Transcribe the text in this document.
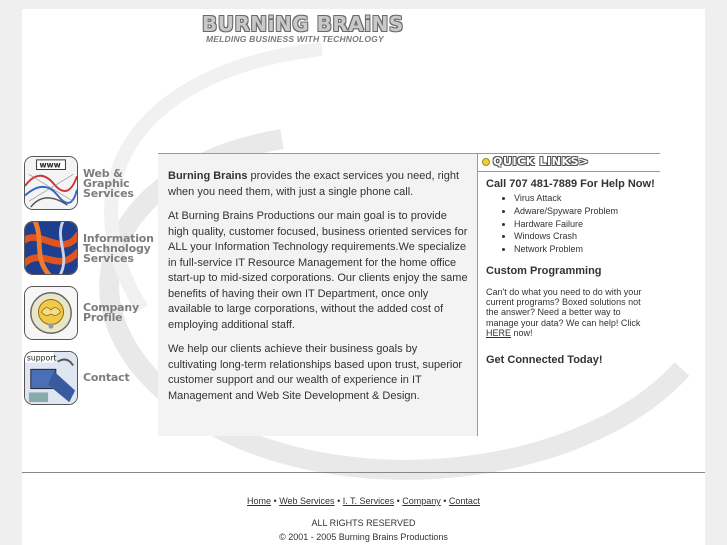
BURNiNG BRAiNS
MELDING BUSINESS WITH TECHNOLOGY
www
Web &
Graphic
Services
Information
Technology
Services
Company
Profile
support
Contact

Burning Brains provides the exact services you need, right when you need them, with just a single phone call.

At Burning Brains Productions our main goal is to provide high quality, customer focused, business oriented services for ALL your Information Technology requirements.We specialize in full-service IT Resource Management for the home office start-up to mid-sized corporations. Our clients enjoy the same benefits of having their own IT Department, once only available to large corporations, without the added cost of employing additional staff.

We help our clients achieve their business goals by cultivating long-term relationships based upon trust, superior customer support and our wealth of experience in IT Management and Web Site Development & Design.

QUICK LINKS>
Call 707 481-7889 For Help Now!
• Virus Attack
• Adware/Spyware Problem
• Hardware Failure
• Windows Crash
• Network Problem
Custom Programming
Can't do what you need to do with your current programs? Boxed solutions not the answer? Need a better way to manage your data? We can help! Click HERE now!
Get Connected Today!
Home • Web Services • I. T. Services • Company • Contact
ALL RIGHTS RESERVED
© 2001 - 2005 Burning Brains Productions
